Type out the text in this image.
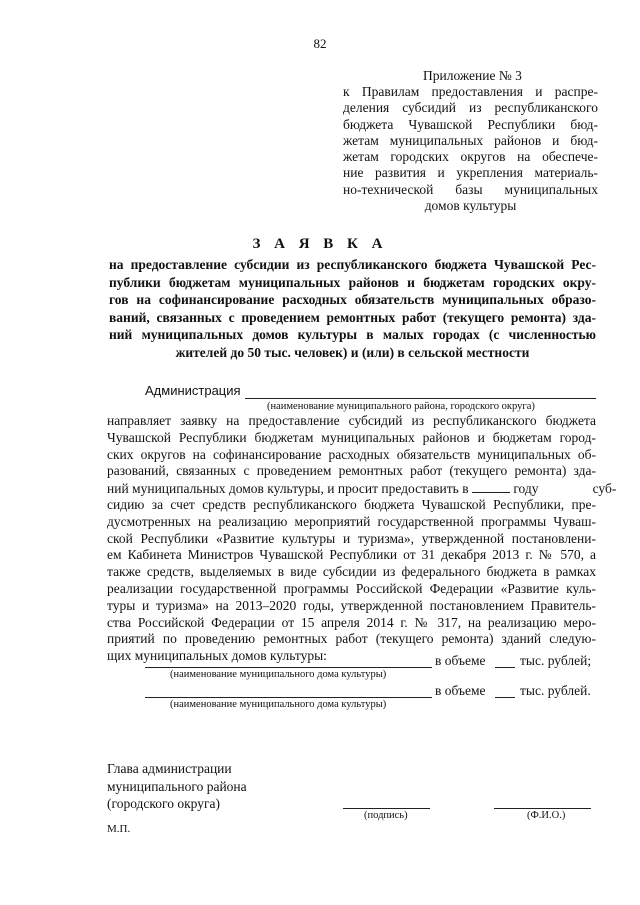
82
Приложение № 3
к Правилам предоставления и распре-
деления субсидий из республиканского
бюджета Чувашской Республики бюд-
жетам муниципальных районов и бюд-
жетам городских округов на обеспече-
ние развития и укрепления материаль-
но-технической базы муниципальных
домов культуры
З А Я В К А
на предоставление субсидии из республиканского бюджета Чувашской Рес-
публики бюджетам муниципальных районов и бюджетам городских окру-
гов на софинансирование расходных обязательств муниципальных образо-
ваний, связанных с проведением ремонтных работ (текущего ремонта) зда-
ний муниципальных домов культуры в малых городах (с численностью
жителей до 50 тыс. человек) и (или) в сельской местности
Администрация
(наименование муниципального района, городского округа)
направляет заявку на предоставление субсидий из республиканского бюджета
Чувашской Республики бюджетам муниципальных районов и бюджетам город-
ских округов на софинансирование расходных обязательств муниципальных об-
разований, связанных с проведением ремонтных работ (текущего ремонта) зда-
ний муниципальных домов культуры, и просит предоставить в	году суб-
сидию за счет средств республиканского бюджета Чувашской Республики, пре-
дусмотренных на реализацию мероприятий государственной программы Чуваш-
ской Республики «Развитие культуры и туризма», утвержденной постановлени-
ем Кабинета Министров Чувашской Республики от 31 декабря 2013 г. № 570, а
также средств, выделяемых в виде субсидии из федерального бюджета в рамках
реализации государственной программы Российской Федерации «Развитие куль-
туры и туризма» на 2013–2020 годы, утвержденной постановлением Правитель-
ства Российской Федерации от 15 апреля 2014 г. № 317, на реализацию меро-
приятий по проведению ремонтных работ (текущего ремонта) зданий следую-
щих муниципальных домов культуры:	в объеме	тыс. рублей;
(наименование муниципального дома культуры)
в объеме	тыс. рублей.
(наименование муниципального дома культуры)
Глава администрации
муниципального района
(городского округа)
(подпись)	(Ф.И.О.)
М.П.
